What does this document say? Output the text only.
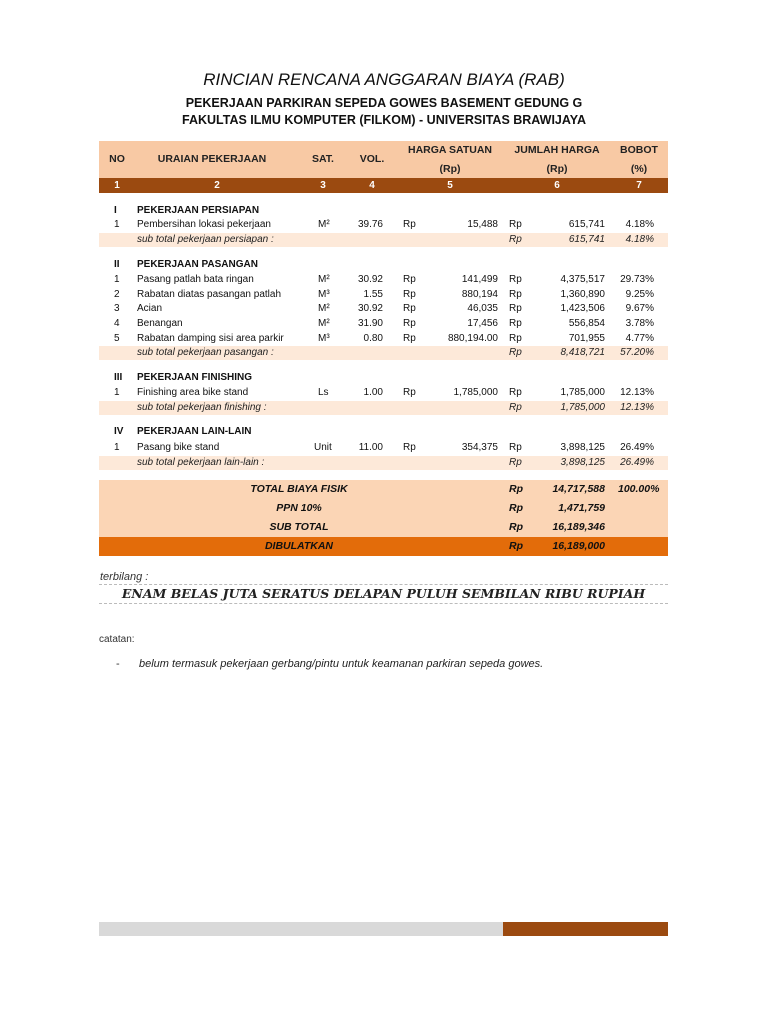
RINCIAN RENCANA ANGGARAN BIAYA (RAB)
PEKERJAAN PARKIRAN SEPEDA GOWES BASEMENT GEDUNG G
FAKULTAS ILMU KOMPUTER (FILKOM) - UNIVERSITAS BRAWIJAYA
NO	URAIAN PEKERJAAN	SAT.	VOL.
HARGA SATUAN
(Rp)
JUMLAH HARGA
(Rp)
BOBOT
(%)
1	2	3	4	5	6	7
I PEKERJAAN PERSIAPAN
1 Pembersihan lokasi pekerjaan	M²	39.76 Rp	15,488 Rp	615,741	4.18%
sub total pekerjaan persiapan :	Rp	615,741	4.18%
II PEKERJAAN PASANGAN
1 Pasang patlah bata ringan	M²	30.92 Rp	141,499 Rp	4,375,517	29.73%
2 Rabatan diatas pasangan patlah	M³	1.55 Rp	880,194 Rp	1,360,890	9.25%
3 Acian	M²	30.92 Rp	46,035 Rp	1,423,506	9.67%
4 Benangan	M²	31.90 Rp	17,456 Rp	556,854	3.78%
5 Rabatan damping sisi area parkir	M³	0.80 Rp	880,194.00 Rp	701,955	4.77%
sub total pekerjaan pasangan :	Rp	8,418,721	57.20%
III PEKERJAAN FINISHING
1 Finishing area bike stand	Ls	1.00 Rp	1,785,000 Rp	1,785,000	12.13%
sub total pekerjaan finishing :	Rp	1,785,000	12.13%
IV PEKERJAAN LAIN-LAIN
1 Pasang bike stand	Unit	11.00 Rp	354,375 Rp	3,898,125	26.49%
sub total pekerjaan lain-lain :	Rp	3,898,125	26.49%
TOTAL BIAYA FISIK	Rp	14,717,588 100.00%
PPN 10%	Rp	1,471,759
SUB TOTAL	Rp	16,189,346
DIBULATKAN	Rp	16,189,000
terbilang :
ENAM BELAS JUTA SERATUS DELAPAN PULUH SEMBILAN RIBU RUPIAH
catatan:
- belum termasuk pekerjaan gerbang/pintu untuk keamanan parkiran sepeda gowes.
